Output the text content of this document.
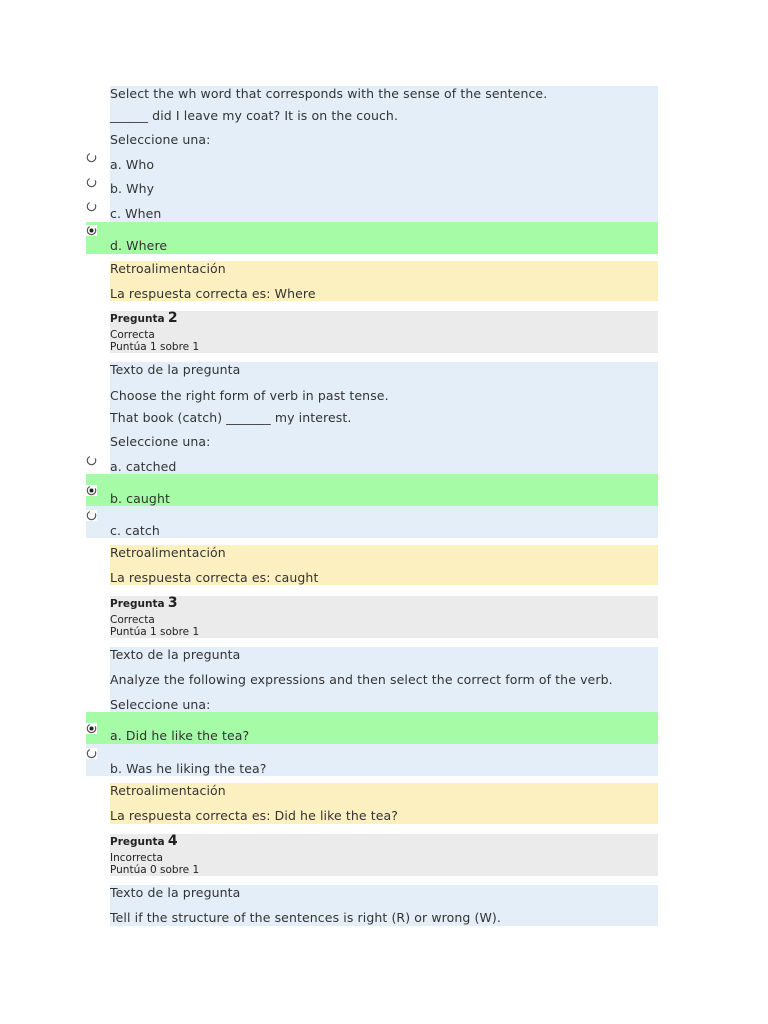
Select the wh word that corresponds with the sense of the sentence.
______ did I leave my coat? It is on the couch.
Seleccione una:
a. Who
b. Why
c. When
d. Where
Retroalimentación
La respuesta correcta es: Where
Pregunta 2
Correcta
Puntúa 1 sobre 1
Texto de la pregunta
Choose the right form of verb in past tense.
That book (catch) _______ my interest.
Seleccione una:
a. catched
b. caught
c. catch
Retroalimentación
La respuesta correcta es: caught
Pregunta 3
Correcta
Puntúa 1 sobre 1
Texto de la pregunta
Analyze the following expressions and then select the correct form of the verb.
Seleccione una:
a. Did he like the tea?
b. Was he liking the tea?
Retroalimentación
La respuesta correcta es: Did he like the tea?
Pregunta 4
Incorrecta
Puntúa 0 sobre 1
Texto de la pregunta
Tell if the structure of the sentences is right (R) or wrong (W).
